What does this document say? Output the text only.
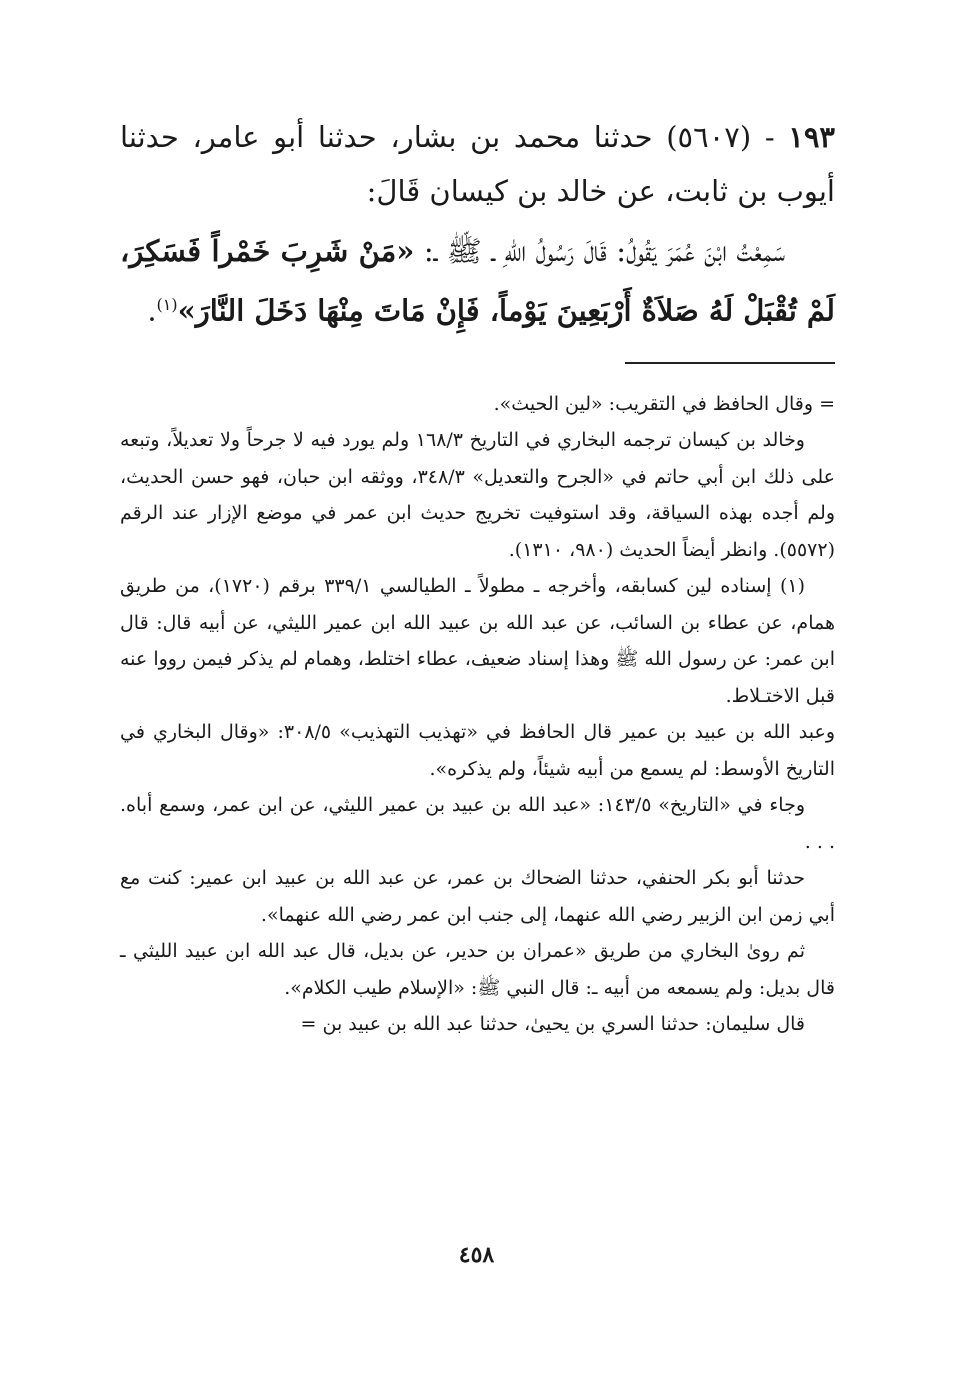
١٩٣ - (٥٦٠٧) حدثنا محمد بن بشار، حدثنا أبو عامر، حدثنا أيوب بن ثابت، عن خالد بن كيسان قَالَ:

سَمِعْتُ ابْنَ عُمَرَ يَقُولُ: قَالَ رَسُولُ اللهِ ـ ﷺ ـ: «مَنْ شَرِبَ خَمْراً فَسَكِرَ، لَمْ تُقْبَلْ لَهُ صَلاَةٌ أَرْبَعِينَ يَوْماً، فَإِنْ مَاتَ مِنْهَا دَخَلَ النَّارَ»$^{(١)}$.

= وقال الحافظ في التقريب: «لين الحيث».

وخالد بن كيسان ترجمه البخاري في التاريخ ١٦٨/٣ ولم يورد فيه لا جرحاً ولا تعديلاً، وتبعه على ذلك ابن أبي حاتم في «الجرح والتعديل» ٣٤٨/٣، ووثقه ابن حبان، فهو حسن الحديث، ولم أجده بهذه السياقة، وقد استوفيت تخريج حديث ابن عمر في موضع الإزار عند الرقم (٥٥٧٢). وانظر أيضاً الحديث (٩٨٠، ١٣١٠).

(١) إسناده لين كسابقه، وأخرجه ـ مطولاً ـ الطيالسي ٣٣٩/١ برقم (١٧٢٠)، من طريق همام، عن عطاء بن السائب، عن عبد الله بن عبيد الله ابن عمير الليثي، عن أبيه قال: قال ابن عمر: عن رسول الله ﷺ وهذا إسناد ضعيف، عطاء اختلط، وهمام لم يذكر فيمن رووا عنه قبل الاختـلاط.

وعبد الله بن عبيد بن عمير قال الحافظ في «تهذيب التهذيب» ٣٠٨/٥: «وقال البخاري في التاريخ الأوسط: لم يسمع من أبيه شيئاً، ولم يذكره».

وجاء في «التاريخ» ١٤٣/٥: «عبد الله بن عبيد بن عمير الليثي، عن ابن عمر، وسمع أباه. . . .

حدثنا أبو بكر الحنفي، حدثنا الضحاك بن عمر، عن عبد الله بن عبيد ابن عمير: كنت مع أبي زمن ابن الزبير رضي الله عنهما، إلى جنب ابن عمر رضي الله عنهما».

ثم روىٰ البخاري من طريق «عمران بن حدير، عن بديل، قال عبد الله ابن عبيد الليثي ـ قال بديل: ولم يسمعه من أبيه ـ: قال النبي ﷺ: «الإسلام طيب الكلام».

قال سليمان: حدثنا السري بن يحيىٰ، حدثنا عبد الله بن عبيد بن =

٤٥٨
